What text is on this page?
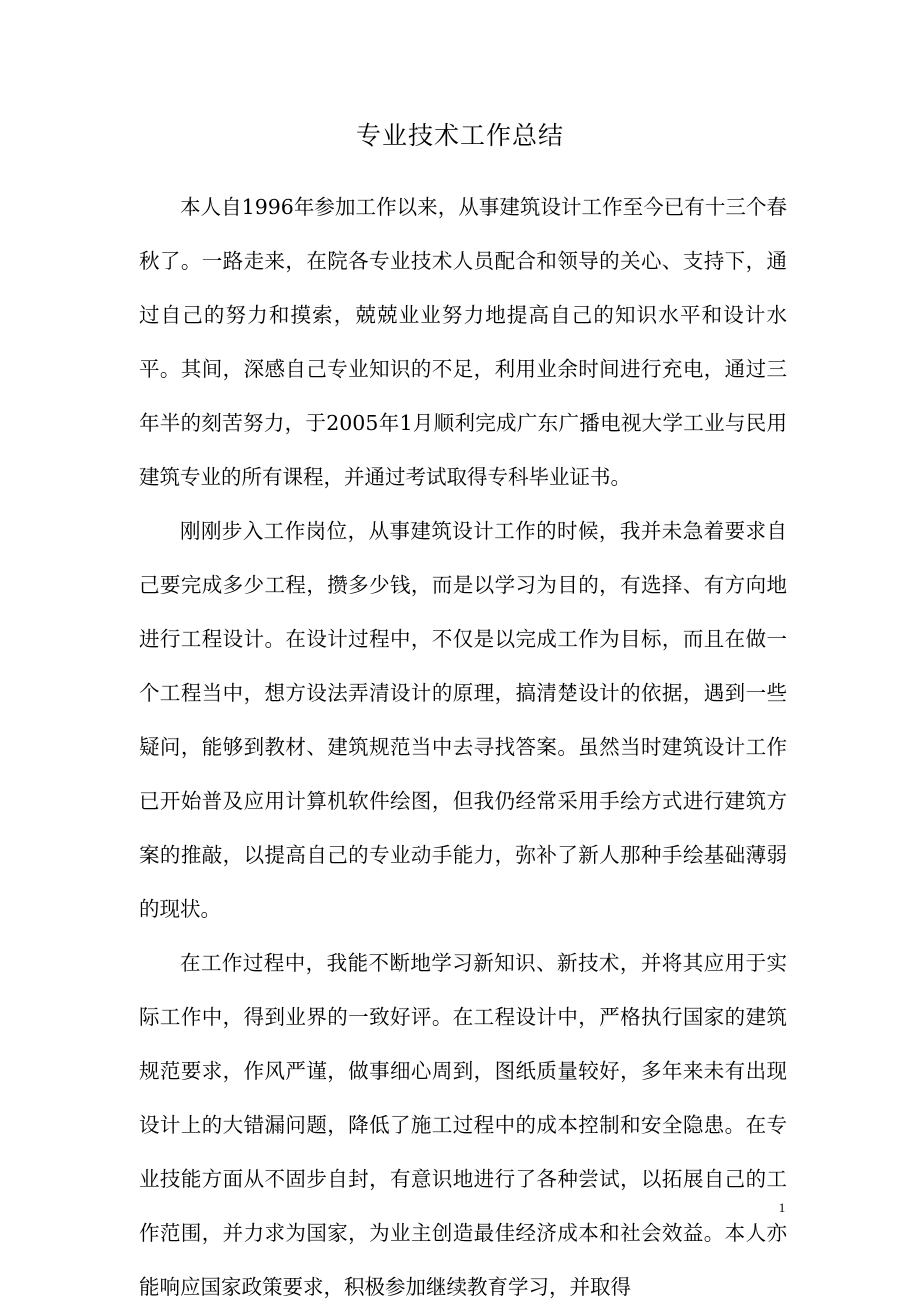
专业技术工作总结

本人自1996年参加工作以来，从事建筑设计工作至今已有十三个春秋了。一路走来，在院各专业技术人员配合和领导的关心、支持下，通过自己的努力和摸索，兢兢业业努力地提高自己的知识水平和设计水平。其间，深感自己专业知识的不足，利用业余时间进行充电，通过三年半的刻苦努力，于2005年1月顺利完成广东广播电视大学工业与民用建筑专业的所有课程，并通过考试取得专科毕业证书。

刚刚步入工作岗位，从事建筑设计工作的时候，我并未急着要求自己要完成多少工程，攒多少钱，而是以学习为目的，有选择、有方向地进行工程设计。在设计过程中，不仅是以完成工作为目标，而且在做一个工程当中，想方设法弄清设计的原理，搞清楚设计的依据，遇到一些疑问，能够到教材、建筑规范当中去寻找答案。虽然当时建筑设计工作已开始普及应用计算机软件绘图，但我仍经常采用手绘方式进行建筑方案的推敲，以提高自己的专业动手能力，弥补了新人那种手绘基础薄弱的现状。

在工作过程中，我能不断地学习新知识、新技术，并将其应用于实际工作中，得到业界的一致好评。在工程设计中，严格执行国家的建筑规范要求，作风严谨，做事细心周到，图纸质量较好，多年来未有出现设计上的大错漏问题，降低了施工过程中的成本控制和安全隐患。在专业技能方面从不固步自封，有意识地进行了各种尝试，以拓展自己的工作范围，并力求为国家，为业主创造最佳经济成本和社会效益。本人亦能响应国家政策要求，积极参加继续教育学习，并取得

1
